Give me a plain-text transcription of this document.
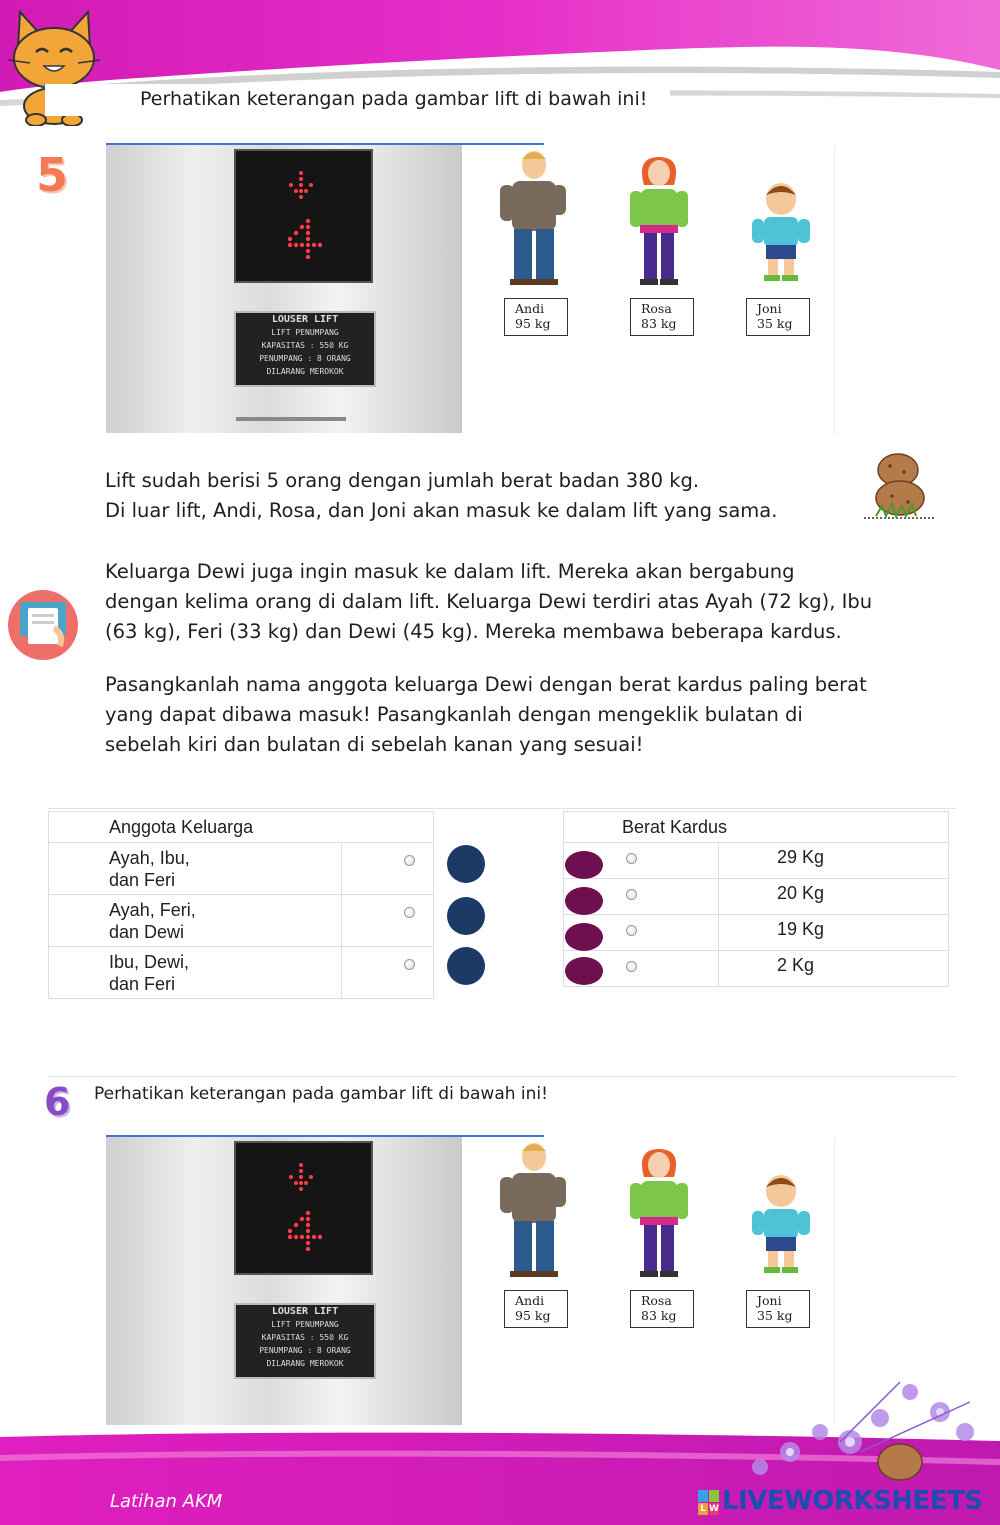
Perhatikan keterangan pada gambar lift di bawah ini!
5
LOUSER LIFT
LIFT PENUMPANG
KAPASITAS : 550 KG
PENUMPANG : 8 ORANG
DILARANG MEROKOK
Andi
95 kg
Rosa
83 kg
Joni
35 kg
Lift sudah berisi 5 orang dengan jumlah berat badan 380 kg.
Di luar lift, Andi, Rosa, dan Joni akan masuk ke dalam lift yang sama.
Keluarga Dewi juga ingin masuk ke dalam lift. Mereka akan bergabung
dengan kelima orang di dalam lift. Keluarga Dewi terdiri atas Ayah (72 kg), Ibu
(63 kg), Feri (33 kg) dan Dewi (45 kg). Mereka membawa beberapa kardus.
Pasangkanlah nama anggota keluarga Dewi dengan berat kardus paling berat
yang dapat dibawa masuk! Pasangkanlah dengan mengeklik bulatan di
sebelah kiri dan bulatan di sebelah kanan yang sesuai!
Anggota Keluarga	

Ayah, Ibu,
dan Feri	

Ayah, Feri,
dan Dewi	

Ibu, Dewi,
dan Feri	

Berat Kardus	

	29 Kg

	20 Kg

	19 Kg

	2 Kg
6 Perhatikan keterangan pada gambar lift di bawah ini!
LOUSER LIFT
LIFT PENUMPANG
KAPASITAS : 550 KG
PENUMPANG : 8 ORANG
DILARANG MEROKOK
Andi
95 kg
Rosa
83 kg
Joni
35 kg
Latihan AKM	L W LIVEWORKSHEETS
